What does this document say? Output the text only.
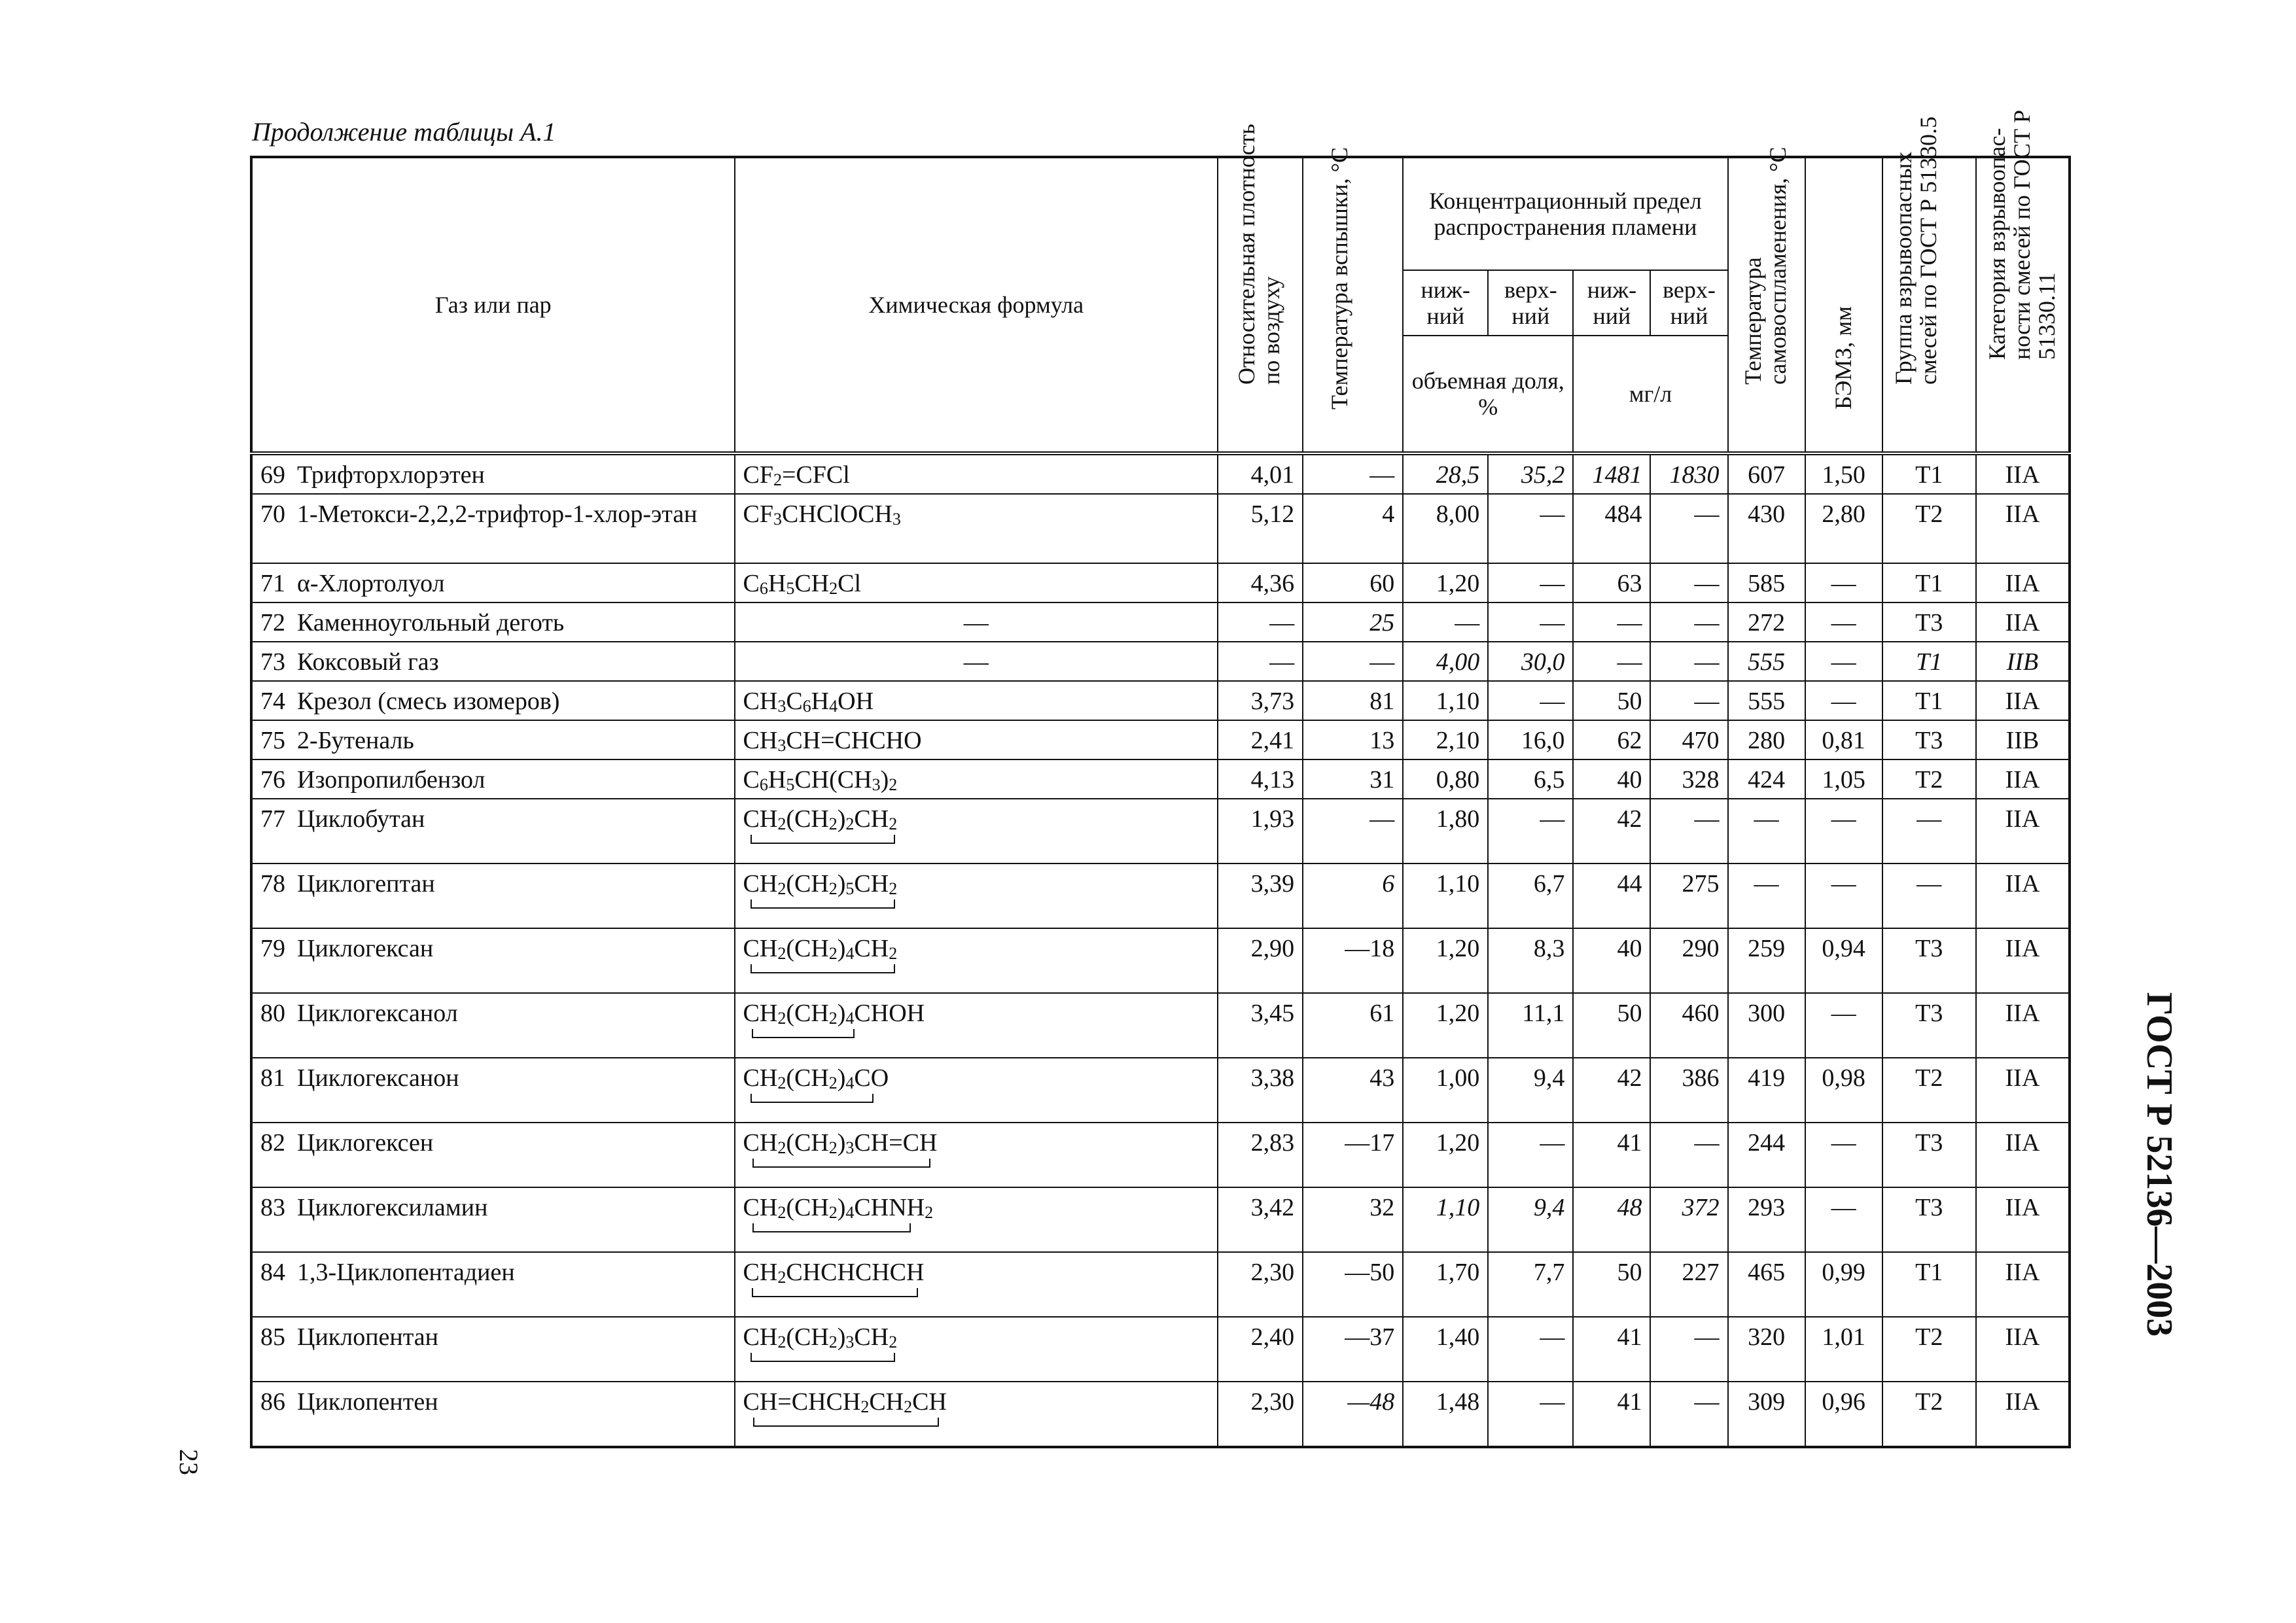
Продолжение таблицы А.1
23
ГОСТ Р 52136—2003
Газ или пар	Химическая формула	Относительная плотность по воздуху	Температура вспышки, °С	Концентрационный предел распространения пламени				Температура самовоспламенения, °С	БЭМЗ, мм	Группа взрывоопасных смесей по ГОСТ Р 51330.5	Категория взрывоопас-ности смесей по ГОСТ Р 51330.11

				ниж-ний	верх-ний	ниж-ний	верх-ний				
				объемная доля, %		мг/л					
69 Трифторхлорэтен	$CF_2=CFCl$	4,01	—	28,5	35,2	1481	1830	607	1,50	T1	IIA
70 1-Метокси-2,2,2-трифтор-1-хлор-этан	$CF_3CHClOCH_3$	5,12	4	8,00	—	484	—	430	2,80	T2	IIA
71 α-Хлортолуол	$C_6H_5CH_2Cl$	4,36	60	1,20	—	63	—	585	—	T1	IIA
72 Каменноугольный деготь	—	—	25	—	—	—	—	272	—	T3	IIA
73 Коксовый газ	—	—	—	4,00	30,0	—	—	555	—	T1	IIB
74 Крезол (смесь изомеров)	$CH_3C_6H_4OH$	3,73	81	1,10	—	50	—	555	—	T1	IIA
75 2-Бутеналь	$CH_3CH=CHCHO$	2,41	13	2,10	16,0	62	470	280	0,81	T3	IIB
76 Изопропилбензол	$C_6H_5CH(CH_3)_2$	4,13	31	0,80	6,5	40	328	424	1,05	T2	IIA
77 Циклобутан	$CH_2(CH_2)_2CH_2$	1,93	—	1,80	—	42	—	—	—	—	IIA
78 Циклогептан	$CH_2(CH_2)_5CH_2$	3,39	6	1,10	6,7	44	275	—	—	—	IIA
79 Циклогексан	$CH_2(CH_2)_4CH_2$	2,90	—18	1,20	8,3	40	290	259	0,94	T3	IIA
80 Циклогексанол	$CH_2(CH_2)_4CHOH$	3,45	61	1,20	11,1	50	460	300	—	T3	IIA
81 Циклогексанон	$CH_2(CH_2)_4CO$	3,38	43	1,00	9,4	42	386	419	0,98	T2	IIA
82 Циклогексен	$CH_2(CH_2)_3CH=CH$	2,83	—17	1,20	—	41	—	244	—	T3	IIA
83 Циклогексиламин	$CH_2(CH_2)_4CHNH_2$	3,42	32	1,10	9,4	48	372	293	—	T3	IIA
84 1,3-Циклопентадиен	$CH_2CHCHCHCH$	2,30	—50	1,70	7,7	50	227	465	0,99	T1	IIA
85 Циклопентан	$CH_2(CH_2)_3CH_2$	2,40	—37	1,40	—	41	—	320	1,01	T2	IIA
86 Циклопентен	$CH=CHCH_2CH_2CH$	2,30	—48	1,48	—	41	—	309	0,96	T2	IIA
